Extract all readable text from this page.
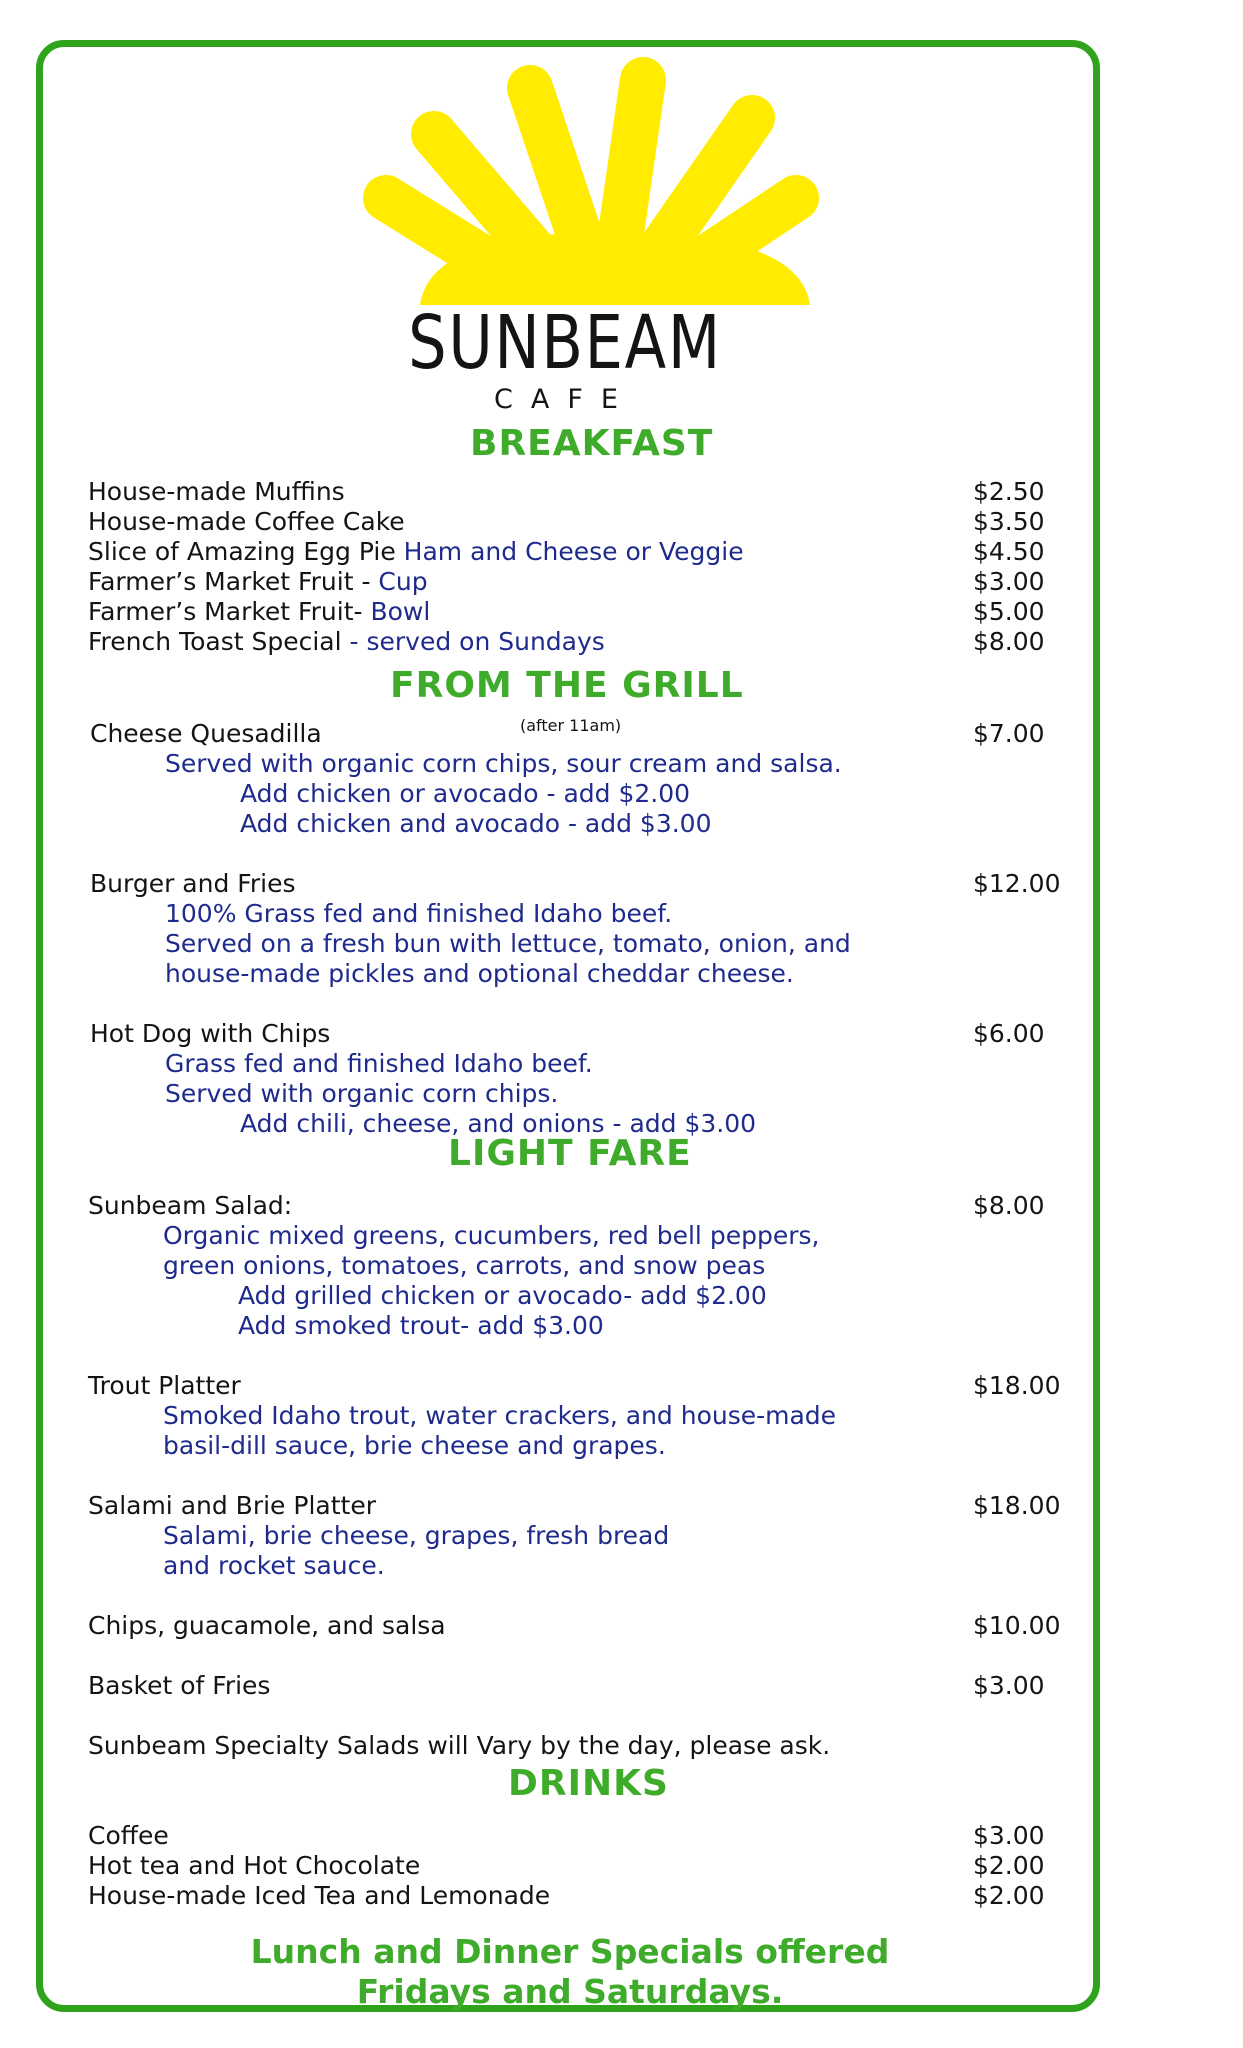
SUNBEAM
CAFE
BREAKFAST
House-made Muffins	$2.50
House-made Coffee Cake	$3.50
Slice of Amazing Egg Pie Ham and Cheese or Veggie	$4.50
Farmer’s Market Fruit - Cup	$3.00
Farmer’s Market Fruit- Bowl	$5.00
French Toast Special - served on Sundays	$8.00
FROM THE GRILL
(after 11am)
Cheese Quesadilla	$7.00
Served with organic corn chips, sour cream and salsa.
Add chicken or avocado - add $2.00
Add chicken and avocado - add $3.00
Burger and Fries	$12.00
100% Grass fed and finished Idaho beef.
Served on a fresh bun with lettuce, tomato, onion, and
house-made pickles and optional cheddar cheese.
Hot Dog with Chips	$6.00
Grass fed and finished Idaho beef.
Served with organic corn chips.
Add chili, cheese, and onions - add $3.00
LIGHT FARE
Sunbeam Salad:	$8.00
Organic mixed greens, cucumbers, red bell peppers,
green onions, tomatoes, carrots, and snow peas
Add grilled chicken or avocado- add $2.00
Add smoked trout- add $3.00
Trout Platter	$18.00
Smoked Idaho trout, water crackers, and house-made
basil-dill sauce, brie cheese and grapes.
Salami and Brie Platter	$18.00
Salami, brie cheese, grapes, fresh bread
and rocket sauce.
Chips, guacamole, and salsa	$10.00
Basket of Fries	$3.00
Sunbeam Specialty Salads will Vary by the day, please ask.
DRINKS
Coffee	$3.00
Hot tea and Hot Chocolate	$2.00
House-made Iced Tea and Lemonade	$2.00
Lunch and Dinner Specials offered
Fridays and Saturdays.
